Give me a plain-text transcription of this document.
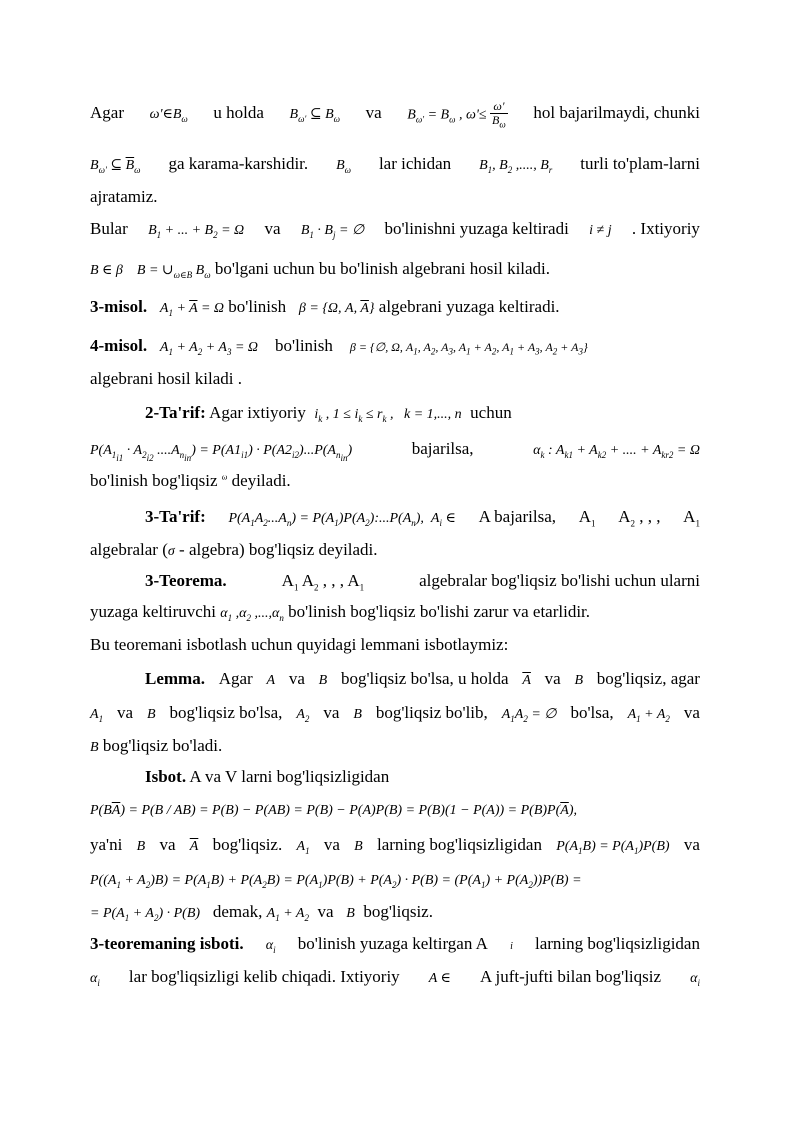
Agar $\omega'\in B_\omega$ u holda $B_{\omega'}$ ⊆ $B_\omega$ va $B_{\omega'} = B_\omega$ , $\omega'\le \frac{\omega'}{B_\omega}$ hol bajarilmaydi, chunki
$B_{\omega'}$ ⊆ $\overline{B}_\omega$ ga karama-karshidir. $B_\omega$ lar ichidan $B_1$, $B_2$ ,...., $B_r$ turli to'plam-larni
ajratamiz.
Bular $B_1$ + ... + $B_2 = \Omega$ va $B_1 \cdot B_j$ = ∅ bo'linishni yuzaga keltiradi i ≠ j . Ixtiyoriy
B ∈ β    $B = \cup_{\omega\in B}$ $B_\omega$ bo'lgani uchun bu bo'linish algebrani hosil kiladi.
3-misol. $A_1 + \overline{A} = \Omega$ bo'linish β = {Ω, A, $\overline{A}$} algebrani yuzaga keltiradi.
4-misol. $A_1 + A_2 + A_3 = \Omega$ bo'linish β = {∅, Ω, $A_1$, $A_2$, $A_3$, $A_1 + A_2$, $A_1 + A_3$, $A_2 + A_3$}
algebrani hosil kiladi .
2-Ta'rif: Agar ixtiyoriy $i_k$ , $1 \le i_k \le r_k$ ,   k = 1,..., n uchun
$P(A_{1_{i1}} \cdot A_{2_{i2}}$ $....A_{n_{in}}) = P(A1_{i1}) \cdot P(A2_{i2})...P(A_{n_{in}})$	bajarilsa,	$\alpha_k$ : $A_{k1} + A_{k2}$ + .... + $A_{kr2} = \Omega$
bo'linish bog'liqsiz $^\omega$ deyiladi.
3-Ta'rif: $P(A_1A_2...A_n)$ = $P(A_1)P(A_2):...P(A_n)$,  $A_i$ ∈ A bajarilsa, $A_1$ $A_2$ , , , $A_1$
algebralar (σ - algebra) bog'liqsiz deyiladi.
3-Teorema.	$A_1$ $A_2$ , , , $A_1$	algebralar bog'liqsiz bo'lishi uchun ularni
yuzaga keltiruvchi $\alpha_1$ $,\alpha_2$ $,...,\alpha_n$ bo'linish bog'liqsiz bo'lishi zarur va etarlidir.
Bu teoremani isbotlash uchun quyidagi lemmani isbotlaymiz:
Lemma. Agar A va B bog'liqsiz bo'lsa, u holda $\overline{A}$ va B bog'liqsiz, agar
$A_1$ va B bog'liqsiz bo'lsa, $A_2$ va B bog'liqsiz bo'lib, $A_1A_2$ = ∅ bo'lsa, $A_1 + A_2$ va
B bog'liqsiz bo'ladi.
Isbot. A va V larni bog'liqsizligidan
$P(B\overline{A}) = P(B / AB) = P(B) - P(AB) = P(B) - P(A)P(B) = P(B)(1 - P(A)) = P(B)P(\overline{A})$,
ya'ni B va $\overline{A}$ bog'liqsiz. $A_1$ va B larning bog'liqsizligidan $P(A_1B) = P(A_1)P(B)$ va
$P((A_1 + A_2)B) = P(A_1B) + P(A_2B) = P(A_1)P(B) + P(A_2) \cdot P(B) = (P(A_1) + P(A_2))P(B)$ =
= $P(A_1 + A_2) \cdot P(B)$ demak, $A_1 + A_2$ va B bog'liqsiz.
3-teoremaning isboti. $\alpha_i$ bo'linish yuzaga keltirgan A i larning bog'liqsizligidan
$\alpha_i$ lar bog'liqsizligi kelib chiqadi. Ixtiyoriy A ∈ A juft-jufti bilan bog'liqsiz $\alpha_i$
